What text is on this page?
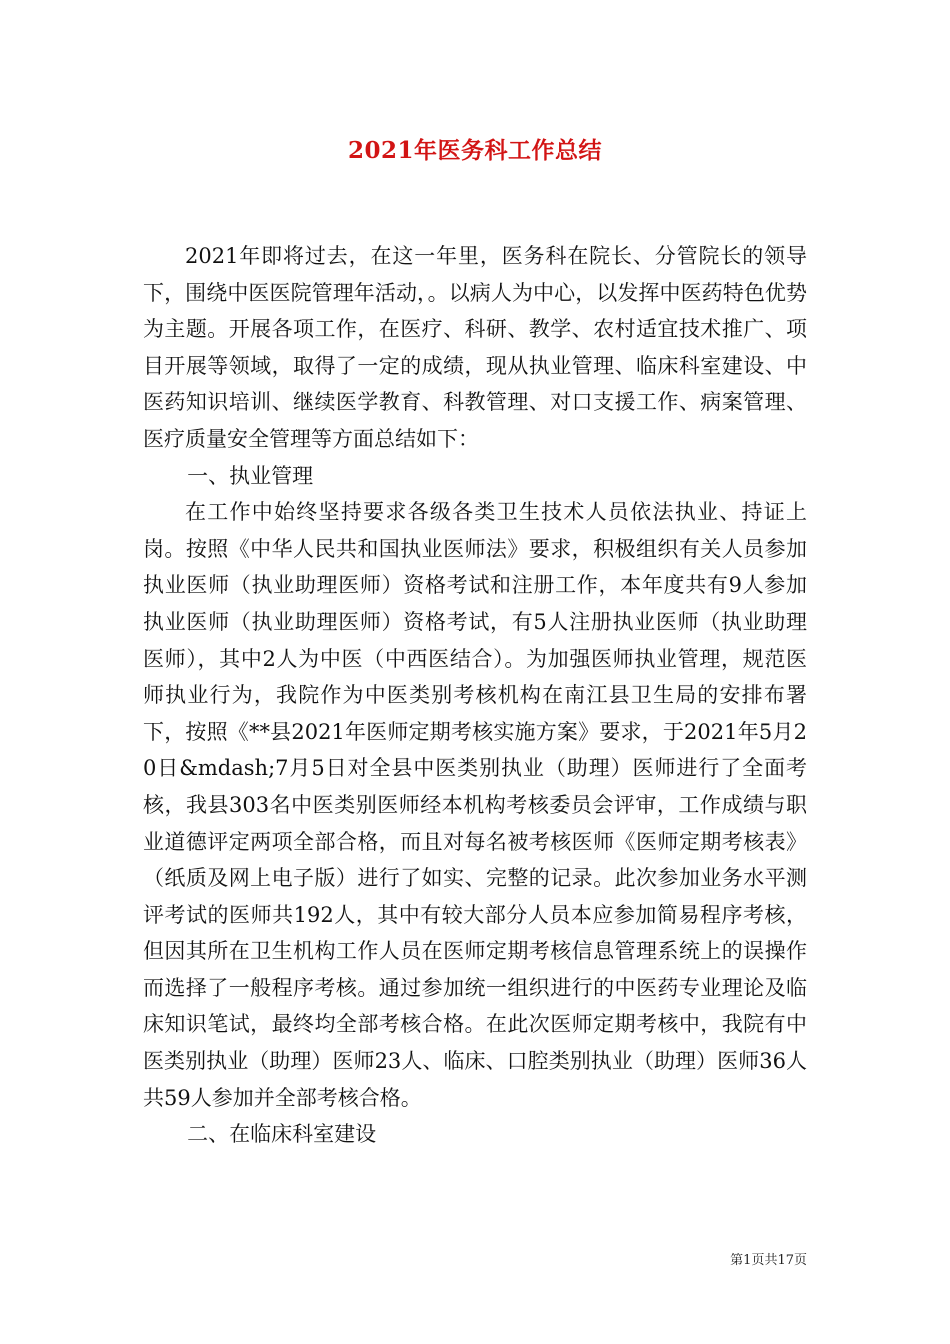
2021年医务科工作总结

2021年即将过去，在这一年里，医务科在院长、分管院长的领导下，围绕中医医院管理年活动，。以病人为中心，以发挥中医药特色优势为主题。开展各项工作，在医疗、科研、教学、农村适宜技术推广、项目开展等领域，取得了一定的成绩，现从执业管理、临床科室建设、中医药知识培训、继续医学教育、科教管理、对口支援工作、病案管理、医疗质量安全管理等方面总结如下：

一、执业管理

在工作中始终坚持要求各级各类卫生技术人员依法执业、持证上岗。按照《中华人民共和国执业医师法》要求，积极组织有关人员参加执业医师（执业助理医师）资格考试和注册工作，本年度共有9人参加执业医师（执业助理医师）资格考试，有5人注册执业医师（执业助理医师），其中2人为中医（中西医结合）。为加强医师执业管理，规范医师执业行为，我院作为中医类别考核机构在南江县卫生局的安排布署下，按照《**县2021年医师定期考核实施方案》要求，于2021年5月20日&mdash;7月5日对全县中医类别执业（助理）医师进行了全面考核，我县303名中医类别医师经本机构考核委员会评审，工作成绩与职业道德评定两项全部合格，而且对每名被考核医师《医师定期考核表》（纸质及网上电子版）进行了如实、完整的记录。此次参加业务水平测评考试的医师共192人，其中有较大部分人员本应参加简易程序考核，但因其所在卫生机构工作人员在医师定期考核信息管理系统上的误操作而选择了一般程序考核。通过参加统一组织进行的中医药专业理论及临床知识笔试，最终均全部考核合格。在此次医师定期考核中，我院有中医类别执业（助理）医师23人、临床、口腔类别执业（助理）医师36人共59人参加并全部考核合格。

二、在临床科室建设

第1页共17页
